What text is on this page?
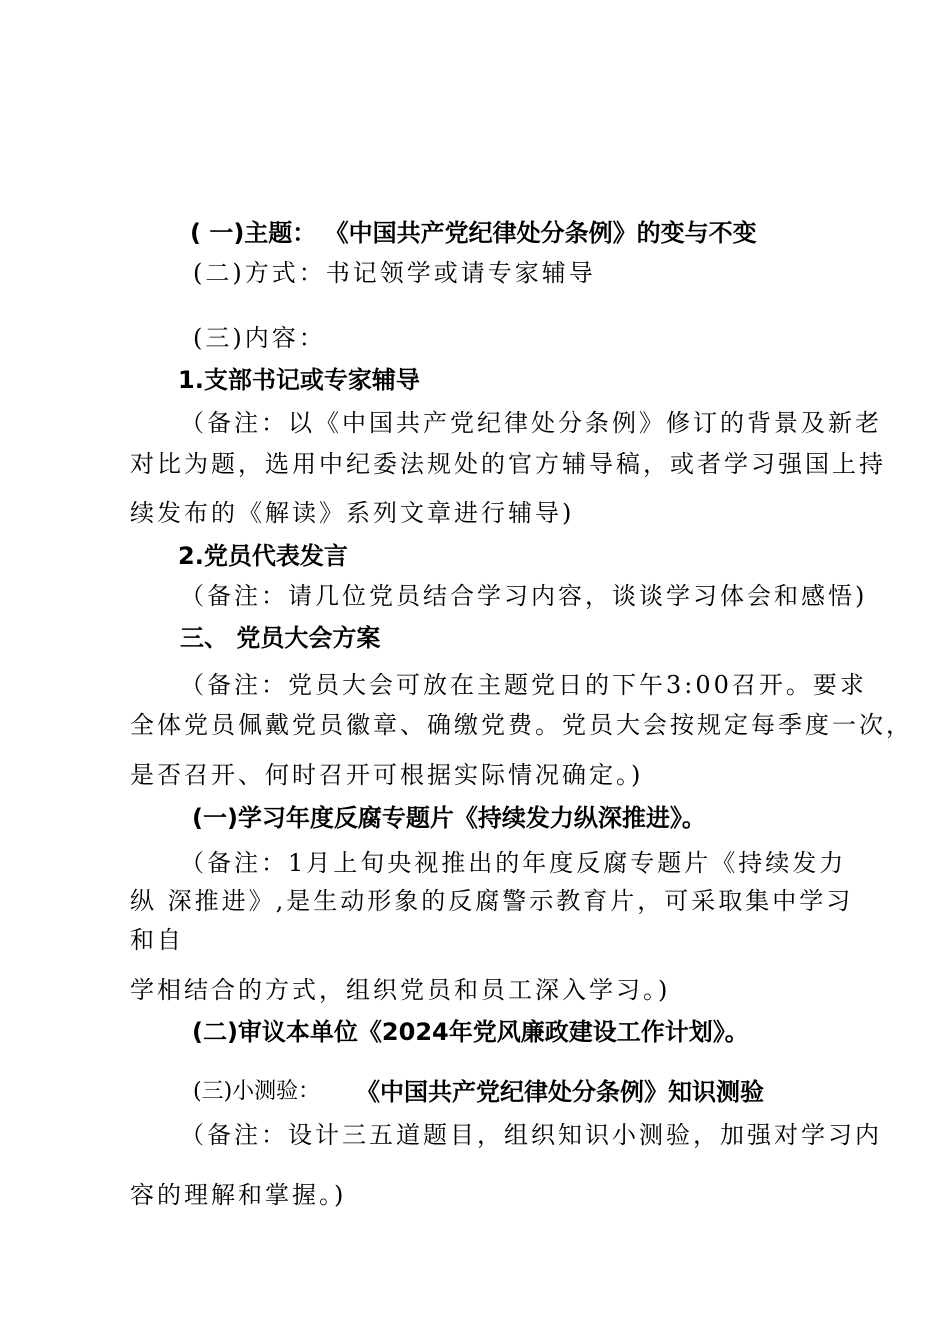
( 一)主题： 《中国共产党纪律处分条例》的变与不变
(二)方式：书记领学或请专家辅导
(三)内容：
1.支部书记或专家辅导
（备注：以《中国共产党纪律处分条例》修订的背景及新老
对比为题，选用中纪委法规处的官方辅导稿，或者学习强国上持
续发布的《解读》系列文章进行辅导)
2.党员代表发言
（备注：请几位党员结合学习内容，谈谈学习体会和感悟)
三、 党员大会方案
（备注：党员大会可放在主题党日的下午3:00召开。要求
全体党员佩戴党员徽章、确缴党费。党员大会按规定每季度一次，
是否召开、何时召开可根据实际情况确定。)
(一)学习年度反腐专题片《持续发力纵深推进》。
（备注：1月上旬央视推出的年度反腐专题片《持续发力
纵 深推进》,是生动形象的反腐警示教育片，可采取集中学习
和自
学相结合的方式，组织党员和员工深入学习。)
(二)审议本单位《2024年党风廉政建设工作计划》。
(三)小测验： 《中国共产党纪律处分条例》知识测验
（备注：设计三五道题目，组织知识小测验，加强对学习内
容的理解和掌握。)
